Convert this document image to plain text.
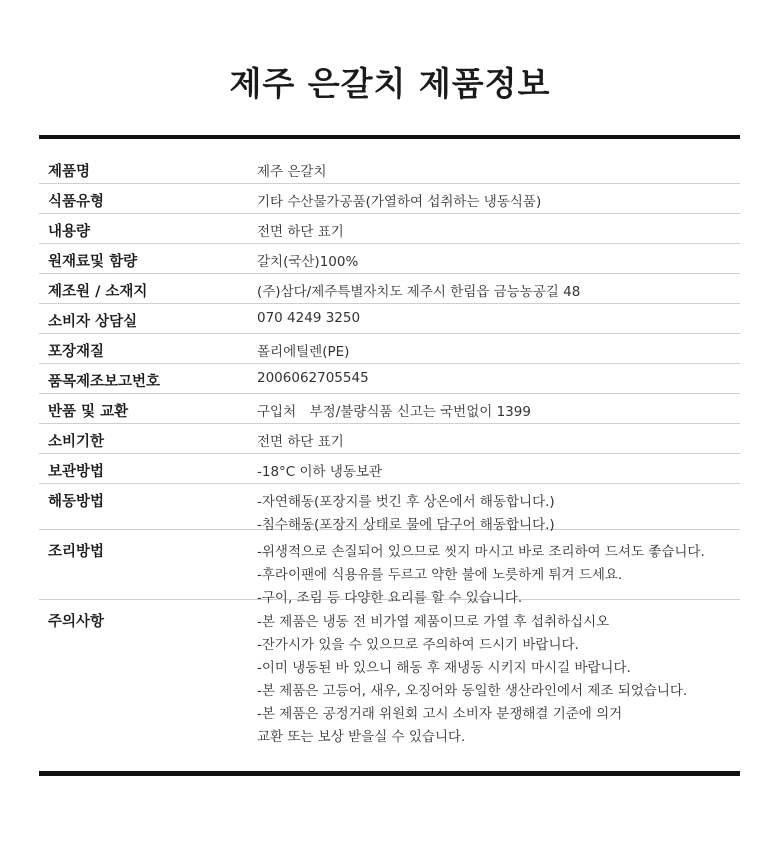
제주 은갈치 제품정보
제품명	제주 은갈치
식품유형	기타 수산물가공품(가열하여 섭취하는 냉동식품)
내용량	전면 하단 표기
원재료및 함량	갈치(국산)100%
제조원 / 소재지	(주)삼다/제주특별자치도 제주시 한림읍 금능농공길 48
소비자 상담실	070 4249 3250
포장재질	폴리에틸렌(PE)
품목제조보고번호	2006062705545
반품 및 교환	구입처　부정/불량식품 신고는 국번없이 1399
소비기한	전면 하단 표기
보관방법	-18°C 이하 냉동보관
해동방법	-자연해동(포장지를 벗긴 후 상온에서 해동합니다.)
-침수해동(포장지 상태로 물에 담구어 해동합니다.)
조리방법	-위생적으로 손질되어 있으므로 씻지 마시고 바로 조리하여 드셔도 좋습니다.
-후라이팬에 식용유를 두르고 약한 불에 노릇하게 튀겨 드세요.
-구이, 조림 등 다양한 요리를 할 수 있습니다.
주의사항	-본 제품은 냉동 전 비가열 제품이므로 가열 후 섭취하십시오
-잔가시가 있을 수 있으므로 주의하여 드시기 바랍니다.
-이미 냉동된 바 있으니 해동 후 재냉동 시키지 마시길 바랍니다.
-본 제품은 고등어, 새우, 오징어와 동일한 생산라인에서 제조 되었습니다.
-본 제품은 공정거래 위원회 고시 소비자 분쟁해결 기준에 의거
교환 또는 보상 받을실 수 있습니다.
